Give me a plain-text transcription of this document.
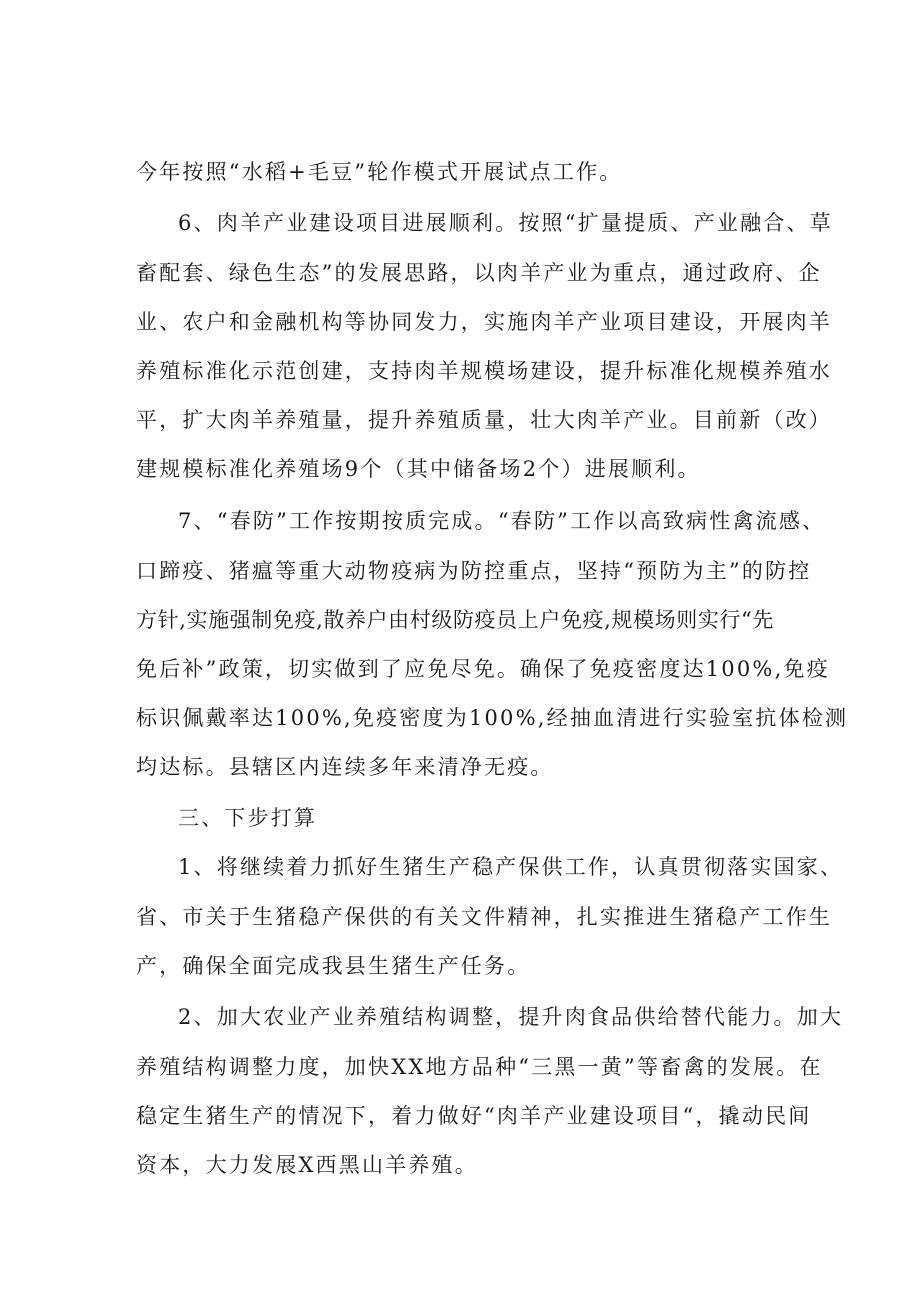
今年按照“水稻+毛豆”轮作模式开展试点工作。
6、肉羊产业建设项目进展顺利。按照“扩量提质、产业融合、草
畜配套、绿色生态”的发展思路，以肉羊产业为重点，通过政府、企
业、农户和金融机构等协同发力，实施肉羊产业项目建设，开展肉羊
养殖标准化示范创建，支持肉羊规模场建设，提升标准化规模养殖水
平，扩大肉羊养殖量，提升养殖质量，壮大肉羊产业。目前新（改）
建规模标准化养殖场9个（其中储备场2个）进展顺利。
7、“春防”工作按期按质完成。“春防”工作以高致病性禽流感、
口蹄疫、猪瘟等重大动物疫病为防控重点，坚持“预防为主”的防控
方针,实施强制免疫,散养户由村级防疫员上户免疫,规模场则实行“先
免后补”政策，切实做到了应免尽免。确保了免疫密度达100%,免疫
标识佩戴率达100%,免疫密度为100%,经抽血清进行实验室抗体检测
均达标。县辖区内连续多年来清净无疫。
三、下步打算
1、将继续着力抓好生猪生产稳产保供工作，认真贯彻落实国家、
省、市关于生猪稳产保供的有关文件精神，扎实推进生猪稳产工作生
产，确保全面完成我县生猪生产任务。
2、加大农业产业养殖结构调整，提升肉食品供给替代能力。加大
养殖结构调整力度，加快XX地方品种“三黑一黄”等畜禽的发展。在
稳定生猪生产的情况下，着力做好“肉羊产业建设项目“，撬动民间
资本，大力发展X西黑山羊养殖。
